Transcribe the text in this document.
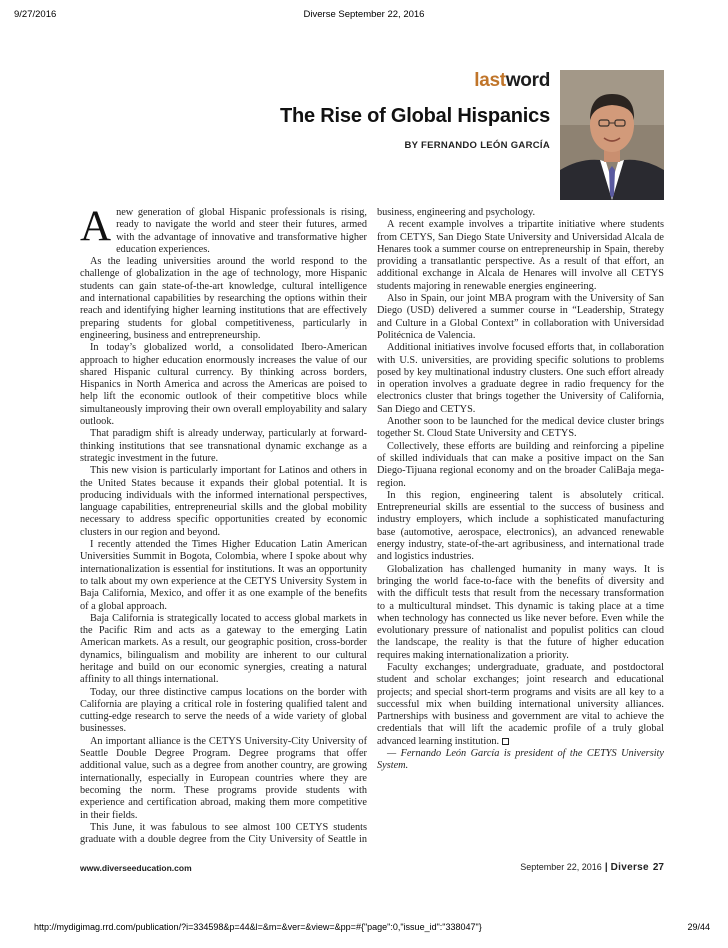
9/27/2016	Diverse September 22, 2016
lastword
The Rise of Global Hispanics
BY FERNANDO LEÓN GARCÍA

Anew generation of global Hispanic professionals is rising, ready to navigate the world and steer their futures, armed with the advantage of innovative and transformative higher education experiences.

As the leading universities around the world respond to the challenge of globalization in the age of technology, more Hispanic students can gain state-of-the-art knowledge, cultural intelligence and international capabilities by researching the options within their reach and identifying higher learning institutions that are effectively preparing students for global competitiveness, particularly in engineering, business and entrepreneurship.

In today’s globalized world, a consolidated Ibero-American approach to higher education enormously increases the value of our shared Hispanic cultural currency. By thinking across borders, Hispanics in North America and across the Americas are poised to help lift the economic outlook of their competitive blocs while simultaneously improving their own overall employability and salary outlook.

That paradigm shift is already underway, particularly at forward-thinking institutions that see transnational dynamic exchange as a strategic investment in the future.

This new vision is particularly important for Latinos and others in the United States because it expands their global potential. It is producing individuals with the informed international perspectives, language capabilities, entrepreneurial skills and the global mobility necessary to address specific opportunities created by economic clusters in our region and beyond.

I recently attended the Times Higher Education Latin American Universities Summit in Bogota, Colombia, where I spoke about why internationalization is essential for institutions. It was an opportunity to talk about my own experience at the CETYS University System in Baja California, Mexico, and offer it as one example of the benefits of a global approach.

Baja California is strategically located to access global markets in the Pacific Rim and acts as a gateway to the emerging Latin American markets. As a result, our geographic position, cross-border dynamics, bilingualism and mobility are inherent to our cultural heritage and build on our economic synergies, creating a natural affinity to all things international.

Today, our three distinctive campus locations on the border with California are playing a critical role in fostering qualified talent and cutting-edge research to serve the needs of a wide variety of global businesses.

An important alliance is the CETYS University-City University of Seattle Double Degree Program. Degree programs that offer additional value, such as a degree from another country, are growing internationally, especially in European countries where they are becoming the norm. These programs provide students with experience and certification abroad, making them more competitive in their fields.

This June, it was fabulous to see almost 100 CETYS students graduate with a double degree from the City University of Seattle in business, engineering and psychology.

A recent example involves a tripartite initiative where students from CETYS, San Diego State University and Universidad Alcala de Henares took a summer course on entrepreneurship in Spain, thereby providing a transatlantic perspective. As a result of that effort, an additional exchange in Alcala de Henares will involve all CETYS students majoring in renewable energies engineering.

Also in Spain, our joint MBA program with the University of San Diego (USD) delivered a summer course in “Leadership, Strategy and Culture in a Global Context” in collaboration with Universidad Politécnica de Valencia.

Additional initiatives involve focused efforts that, in collaboration with U.S. universities, are providing specific solutions to problems posed by key multinational industry clusters. One such effort already in operation involves a graduate degree in radio frequency for the electronics cluster that brings together the University of California, San Diego and CETYS.

Another soon to be launched for the medical device cluster brings together St. Cloud State University and CETYS.

Collectively, these efforts are building and reinforcing a pipeline of skilled individuals that can make a positive impact on the San Diego-Tijuana regional economy and on the broader CaliBaja mega-region.

In this region, engineering talent is absolutely critical. Entrepreneurial skills are essential to the success of business and industry employers, which include a sophisticated manufacturing base (automotive, aerospace, electronics), an advanced renewable energy industry, state-of-the-art agribusiness, and international trade and logistics industries.

Globalization has challenged humanity in many ways. It is bringing the world face-to-face with the benefits of diversity and with the difficult tests that result from the necessary transformation to a multicultural mindset. This dynamic is taking place at a time when technology has connected us like never before. Even while the evolutionary pressure of nationalist and populist politics can cloud the landscape, the reality is that the future of higher education requires making internationalization a priority.

Faculty exchanges; undergraduate, graduate, and postdoctoral student and scholar exchanges; joint research and educational projects; and special short-term programs and visits are all key to a successful mix when building international university alliances. Partnerships with business and government are vital to achieve the credentials that will lift the academic profile of a truly global advanced learning institution.

— Fernando León García is president of the CETYS University System.

www.diverseeducation.com	September 22, 2016 | Diverse 27
http://mydigimag.rrd.com/publication/?i=334598&p=44&l=&m=&ver=&view=&pp=#{"page":0,"issue_id":"338047"}	29/44
